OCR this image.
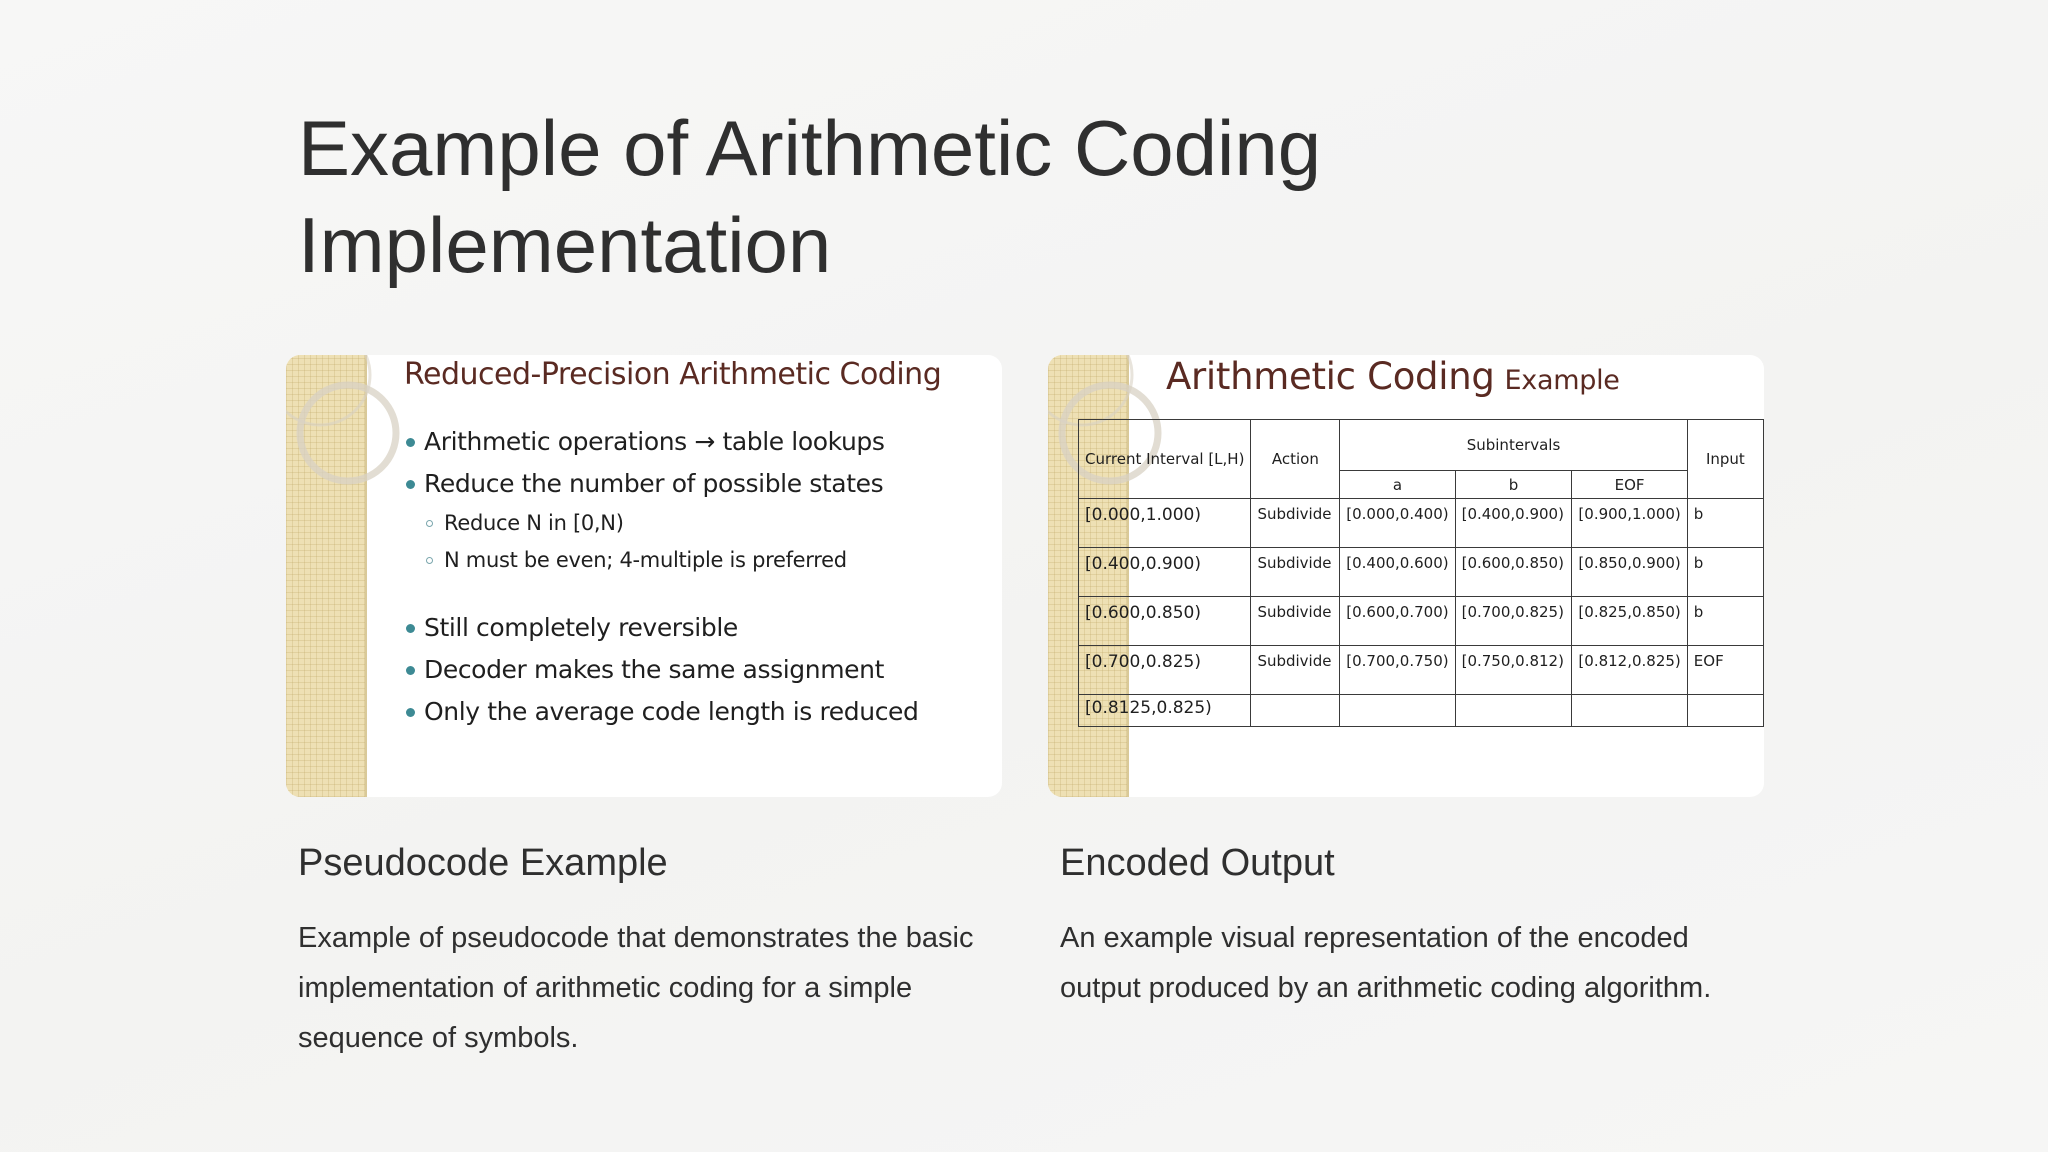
Example of Arithmetic Coding Implementation
Reduced-Precision Arithmetic Coding
Arithmetic operations → table lookups
Reduce the number of possible states
Reduce N in [0,N)
N must be even; 4-multiple is preferred
Still completely reversible
Decoder makes the same assignment
Only the average code length is reduced
Arithmetic Coding Example
Current Interval [L,H)	Action	Subintervals			Input
		a	b	EOF	
[0.000,1.000)	Subdivide	[0.000,0.400)	[0.400,0.900)	[0.900,1.000)	b
[0.400,0.900)	Subdivide	[0.400,0.600)	[0.600,0.850)	[0.850,0.900)	b
[0.600,0.850)	Subdivide	[0.600,0.700)	[0.700,0.825)	[0.825,0.850)	b
[0.700,0.825)	Subdivide	[0.700,0.750)	[0.750,0.812)	[0.812,0.825)	EOF
[0.8125,0.825)					
Pseudocode Example

Example of pseudocode that demonstrates the basic implementation of arithmetic coding for a simple sequence of symbols.

Encoded Output

An example visual representation of the encoded output produced by an arithmetic coding algorithm.
